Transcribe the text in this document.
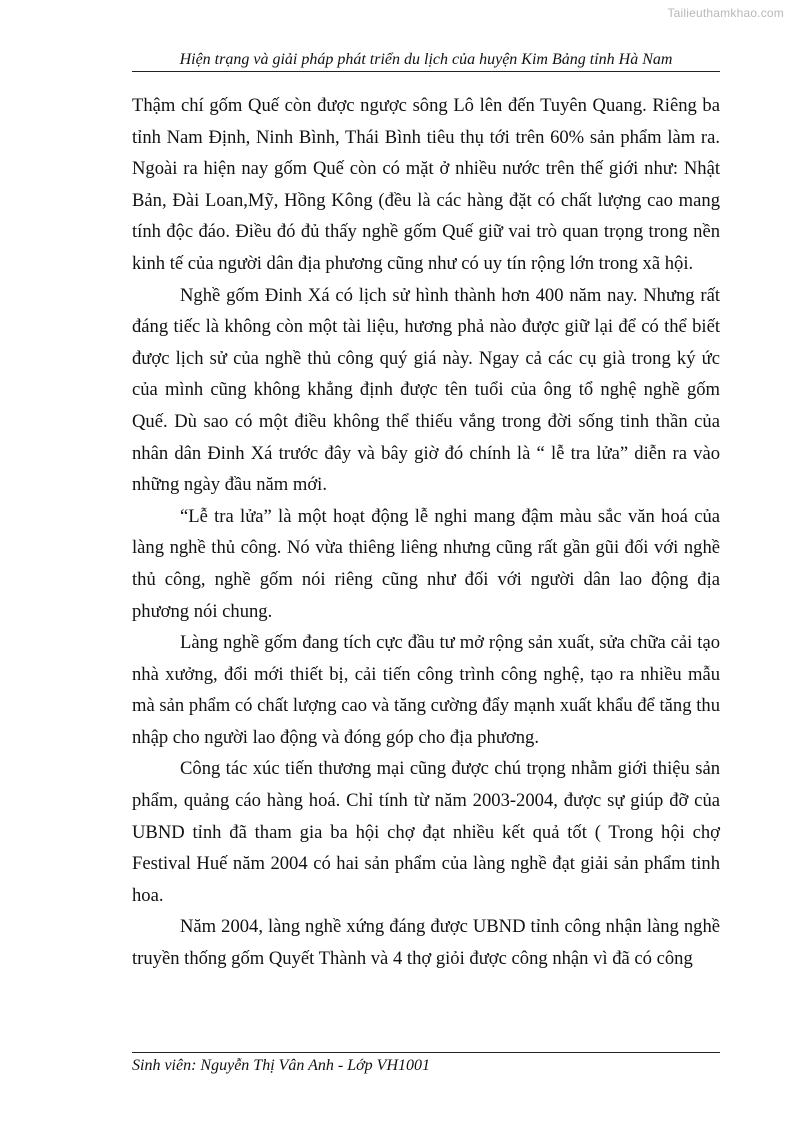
Tailieuthamkhao.com
Hiện trạng và giải pháp phát triển du lịch của huyện Kim Bảng tỉnh Hà Nam

Thậm chí gốm Quế còn được ngược sông Lô lên đến Tuyên Quang. Riêng ba tỉnh Nam Định, Ninh Bình, Thái Bình tiêu thụ tới trên 60% sản phẩm làm ra. Ngoài ra hiện nay gốm Quế còn có mặt ở nhiều nước trên thế giới như: Nhật Bản, Đài Loan,Mỹ, Hồng Kông (đều là các hàng đặt có chất lượng cao mang tính độc đáo. Điều đó đủ thấy nghề gốm Quế giữ vai trò quan trọng trong nền kinh tế của người dân địa phương cũng như có uy tín rộng lớn trong xã hội.

Nghề gốm Đinh Xá có lịch sử hình thành hơn 400 năm nay. Nhưng rất đáng tiếc là không còn một tài liệu, hương phả nào được giữ lại để có thể biết được lịch sử của nghề thủ công quý giá này. Ngay cả các cụ già trong ký ức của mình cũng không khẳng định được tên tuổi của ông tổ nghệ nghề gốm Quế. Dù sao có một điều không thể thiếu vắng trong đời sống tinh thần của nhân dân Đinh Xá trước đây và bây giờ đó chính là “ lễ tra lửa” diễn ra vào những ngày đầu năm mới.

“Lễ tra lửa” là một hoạt động lễ nghi mang đậm màu sắc văn hoá của làng nghề thủ công. Nó vừa thiêng liêng nhưng cũng rất gần gũi đối với nghề thủ công, nghề gốm nói riêng cũng như đối với người dân lao động địa phương nói chung.

Làng nghề gốm đang tích cực đầu tư mở rộng sản xuất, sửa chữa cải tạo nhà xưởng, đổi mới thiết bị, cải tiến công trình công nghệ, tạo ra nhiều mẫu mà sản phẩm có chất lượng cao và tăng cường đẩy mạnh xuất khẩu để tăng thu nhập cho người lao động và đóng góp cho địa phương.

Công tác xúc tiến thương mại cũng được chú trọng nhằm giới thiệu sản phẩm, quảng cáo hàng hoá. Chỉ tính từ năm 2003-2004, được sự giúp đỡ của UBND tỉnh đã tham gia ba hội chợ đạt nhiều kết quả tốt ( Trong hội chợ Festival Huế năm 2004 có hai sản phẩm của làng nghề đạt giải sản phẩm tinh hoa.

Năm 2004, làng nghề xứng đáng được UBND tỉnh công nhận làng nghề truyền thống gốm Quyết Thành và 4 thợ giỏi được công nhận vì đã có công

Sinh viên: Nguyễn Thị Vân Anh - Lớp VH1001
